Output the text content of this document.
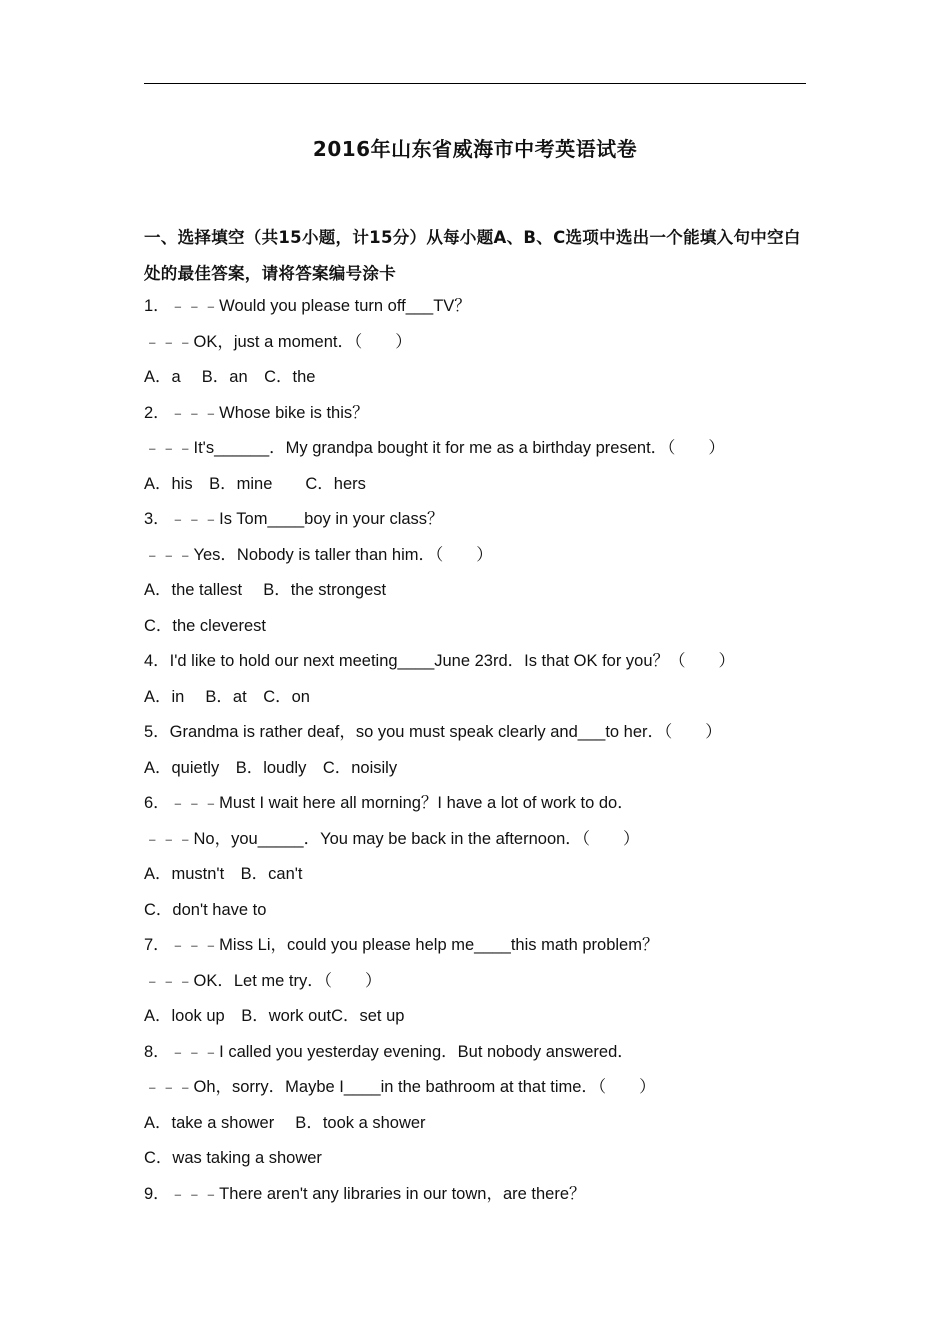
2016年山东省威海市中考英语试卷
一、选择填空（共15小题，计15分）从每小题A、B、C选项中选出一个能填入句中空白处的最佳答案，请将答案编号涂卡
1．﹣﹣﹣Would you please turn off___TV？
﹣﹣﹣OK，just a moment．（　　）
A．a　 B．an　C．the
2．﹣﹣﹣Whose bike is this？
﹣﹣﹣It's______．My grandpa bought it for me as a birthday present．（　　）
A．his　B．mine　　C．hers
3．﹣﹣﹣Is Tom____boy in your class？
﹣﹣﹣Yes．Nobody is taller than him．（　　）
A．the tallest　 B．the strongest
C．the cleverest
4．I'd like to hold our next meeting____June 23rd．Is that OK for you？（　　）
A．in　 B．at　C．on
5．Grandma is rather deaf，so you must speak clearly and___to her．（　　）
A．quietly　B．loudly　C．noisily
6．﹣﹣﹣Must I wait here all morning？I have a lot of work to do．
﹣﹣﹣No，you_____．You may be back in the afternoon．（　　）
A．mustn't　B．can't
C．don't have to
7．﹣﹣﹣Miss Li，could you please help me____this math problem？
﹣﹣﹣OK．Let me try．（　　）
A．look up　B．work outC．set up
8．﹣﹣﹣I called you yesterday evening．But nobody answered．
﹣﹣﹣Oh，sorry．Maybe I____in the bathroom at that time．（　　）
A．take a shower　 B．took a shower
C．was taking a shower
9．﹣﹣﹣There aren't any libraries in our town，are there？
